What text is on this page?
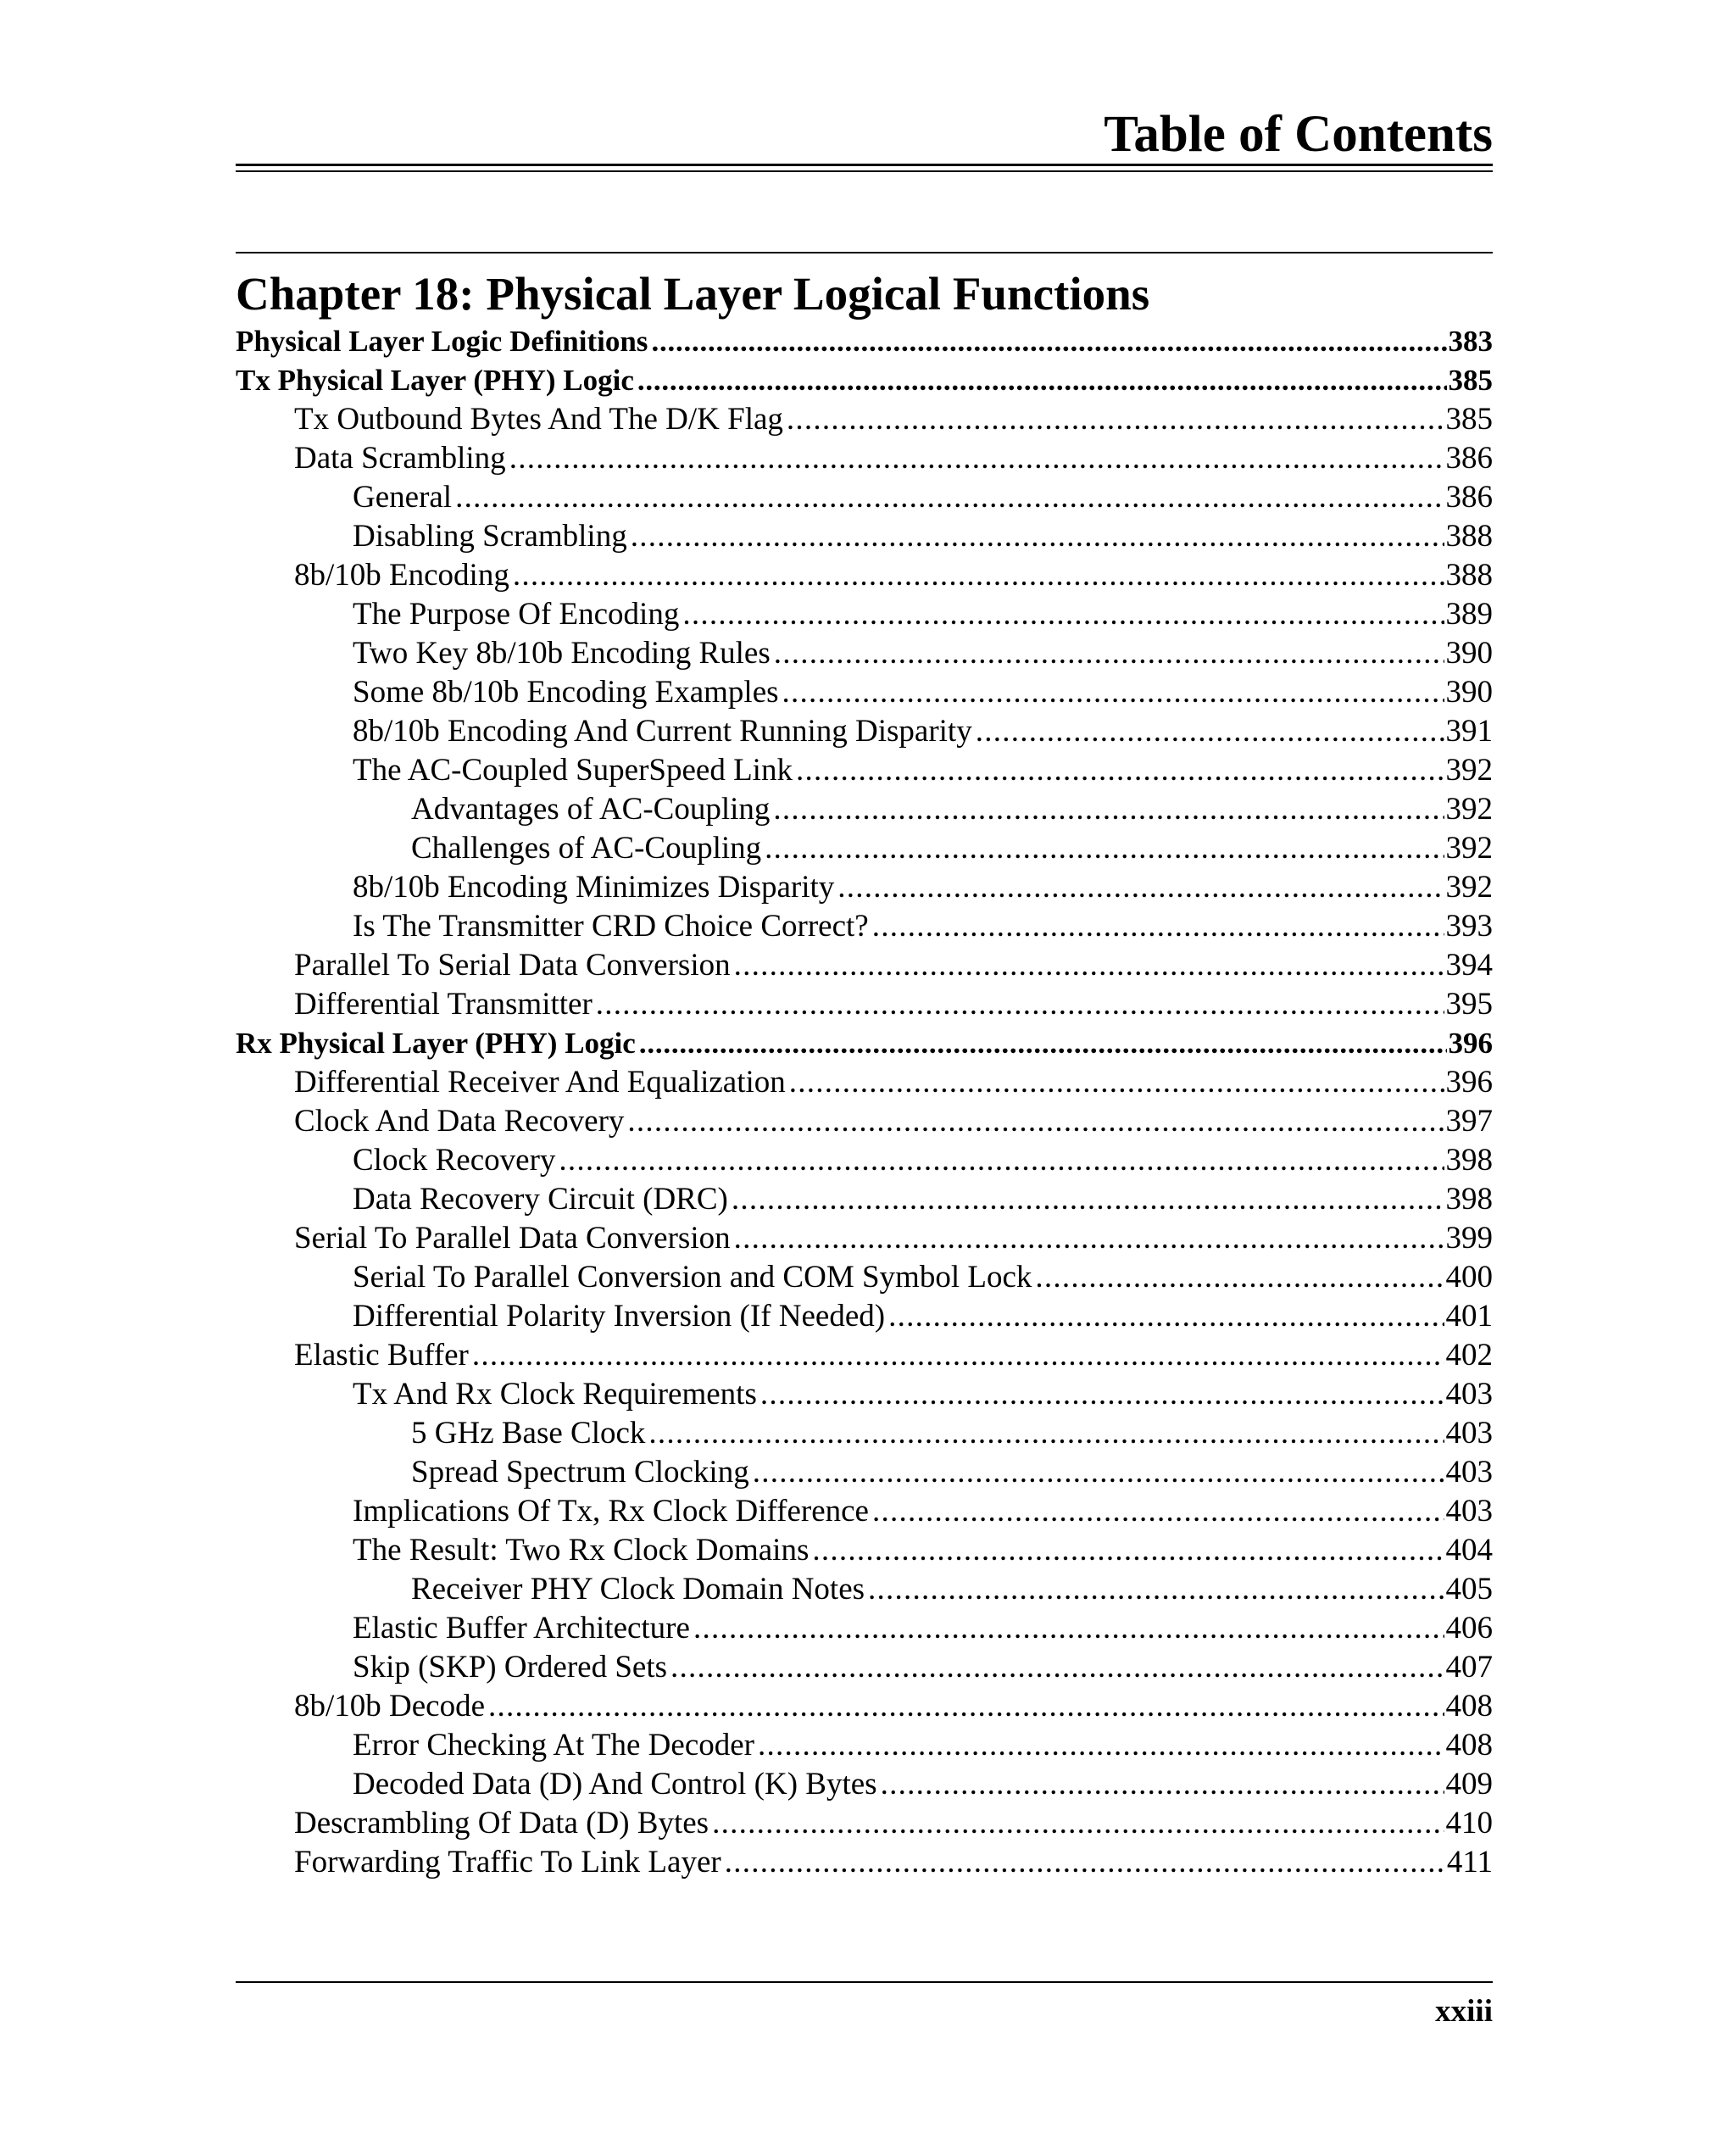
Table of Contents
Chapter 18: Physical Layer Logical Functions
Physical Layer Logic Definitions . . .	383
Tx Physical Layer (PHY) Logic . . .	385
Tx Outbound Bytes And The D/K Flag . . .	385
Data Scrambling . . .	386
General . . .	386
Disabling Scrambling . . .	388
8b/10b Encoding . . .	388
The Purpose Of Encoding . . .	389
Two Key 8b/10b Encoding Rules . . .	390
Some 8b/10b Encoding Examples . . .	390
8b/10b Encoding And Current Running Disparity . . .	391
The AC-Coupled SuperSpeed Link . . .	392
Advantages of AC-Coupling . . .	392
Challenges of AC-Coupling . . .	392
8b/10b Encoding Minimizes Disparity . . .	392
Is The Transmitter CRD Choice Correct? . . .	393
Parallel To Serial Data Conversion . . .	394
Differential Transmitter . . .	395
Rx Physical Layer (PHY) Logic . . .	396
Differential Receiver And Equalization . . .	396
Clock And Data Recovery . . .	397
Clock Recovery . . .	398
Data Recovery Circuit (DRC) . . .	398
Serial To Parallel Data Conversion . . .	399
Serial To Parallel Conversion and COM Symbol Lock . . .	400
Differential Polarity Inversion (If Needed) . . .	401
Elastic Buffer . . .	402
Tx And Rx Clock Requirements . . .	403
5 GHz Base Clock . . .	403
Spread Spectrum Clocking . . .	403
Implications Of Tx, Rx Clock Difference . . .	403
The Result: Two Rx Clock Domains . . .	404
Receiver PHY Clock Domain Notes . . .	405
Elastic Buffer Architecture . . .	406
Skip (SKP) Ordered Sets . . .	407
8b/10b Decode . . .	408
Error Checking At The Decoder . . .	408
Decoded Data (D) And Control (K) Bytes . . .	409
Descrambling Of Data (D) Bytes . . .	410
Forwarding Traffic To Link Layer . . .	411
xxiii
